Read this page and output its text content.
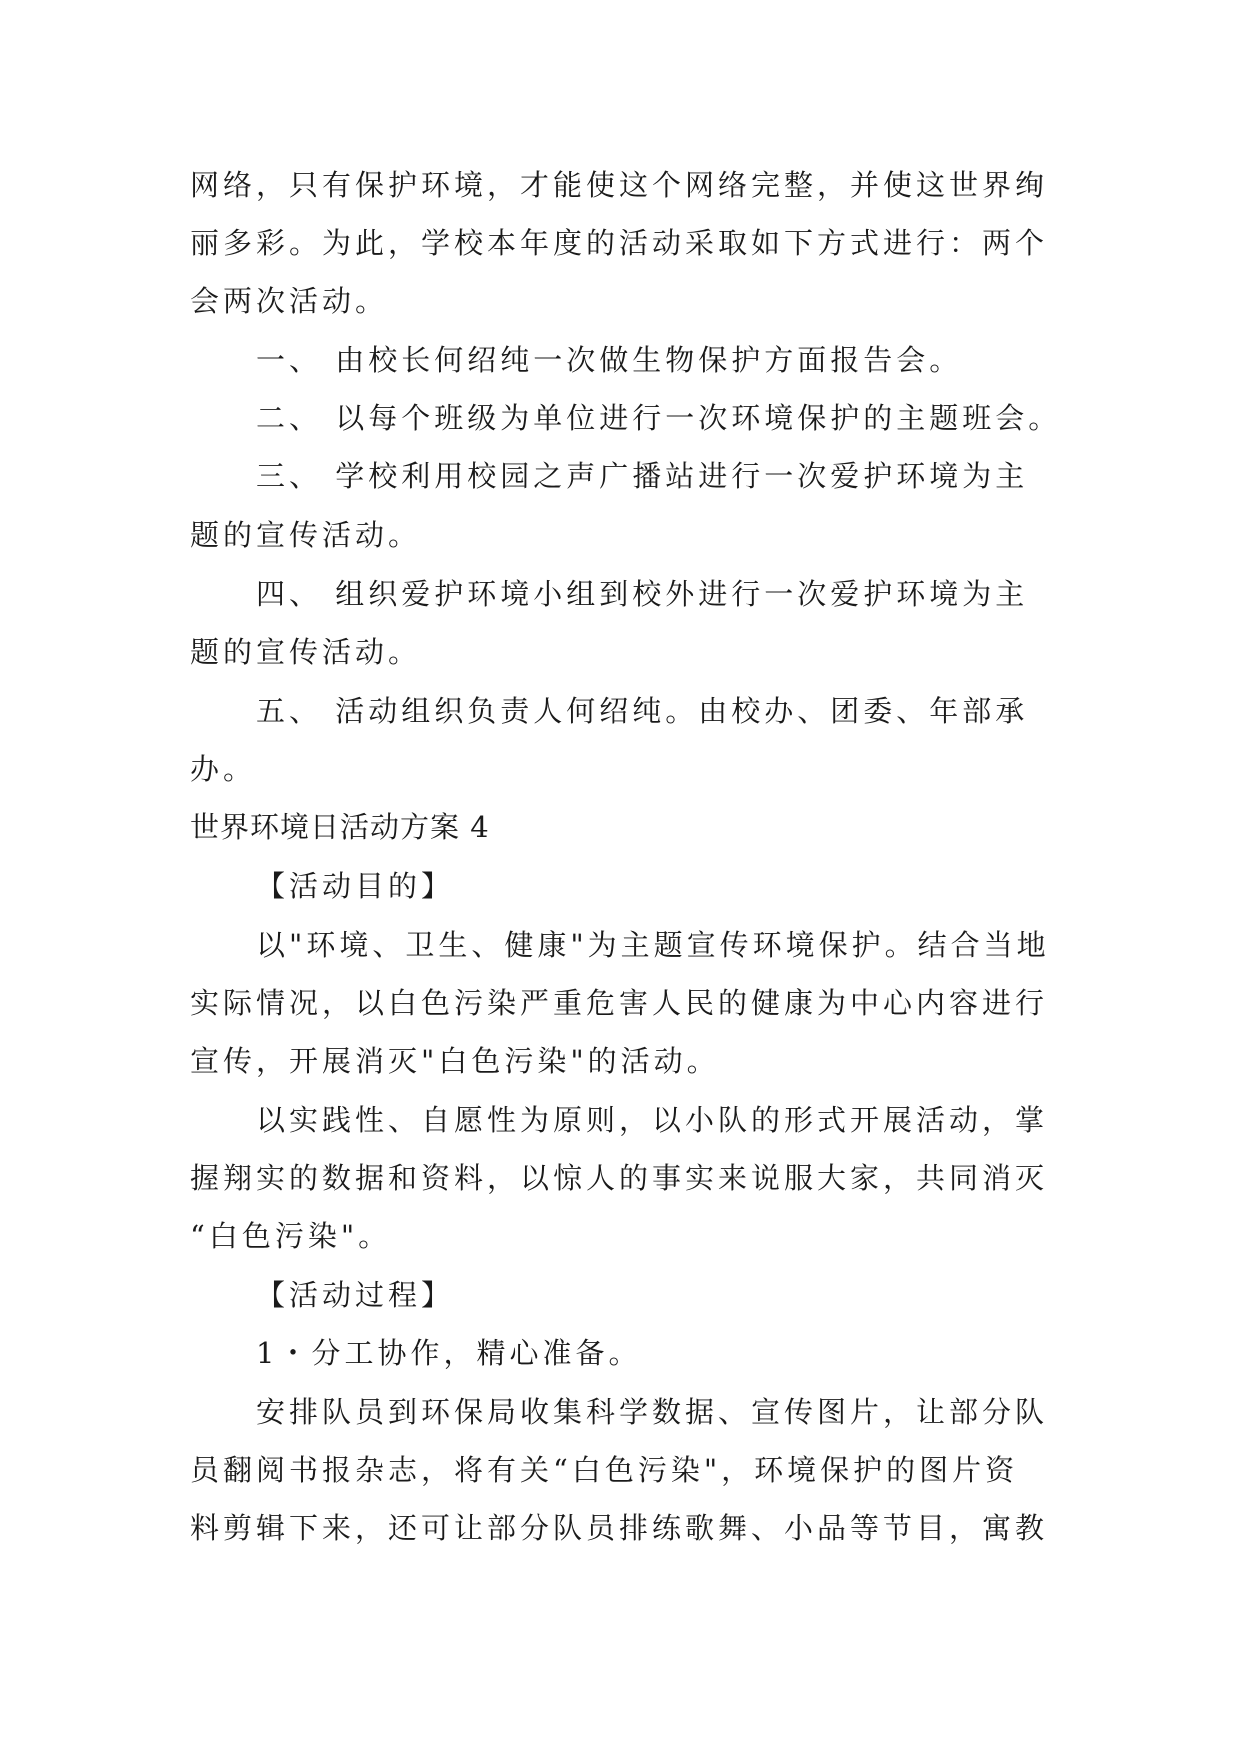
网络，只有保护环境，才能使这个网络完整，并使这世界绚
丽多彩。为此，学校本年度的活动采取如下方式进行：两个
会两次活动。
一、 由校长何绍纯一次做生物保护方面报告会。
二、 以每个班级为单位进行一次环境保护的主题班会。
三、 学校利用校园之声广播站进行一次爱护环境为主
题的宣传活动。
四、 组织爱护环境小组到校外进行一次爱护环境为主
题的宣传活动。
五、 活动组织负责人何绍纯。由校办、团委、年部承
办。
世界环境日活动方案 4
【活动目的】
以"环境、卫生、健康"为主题宣传环境保护。结合当地
实际情况，以白色污染严重危害人民的健康为中心内容进行
宣传，开展消灭"白色污染"的活动。
以实践性、自愿性为原则，以小队的形式开展活动，掌
握翔实的数据和资料，以惊人的事实来说服大家，共同消灭
“白色污染"。
【活动过程】
1・分工协作，精心准备。
安排队员到环保局收集科学数据、宣传图片，让部分队
员翻阅书报杂志，将有关“白色污染"，环境保护的图片资
料剪辑下来，还可让部分队员排练歌舞、小品等节目，寓教
